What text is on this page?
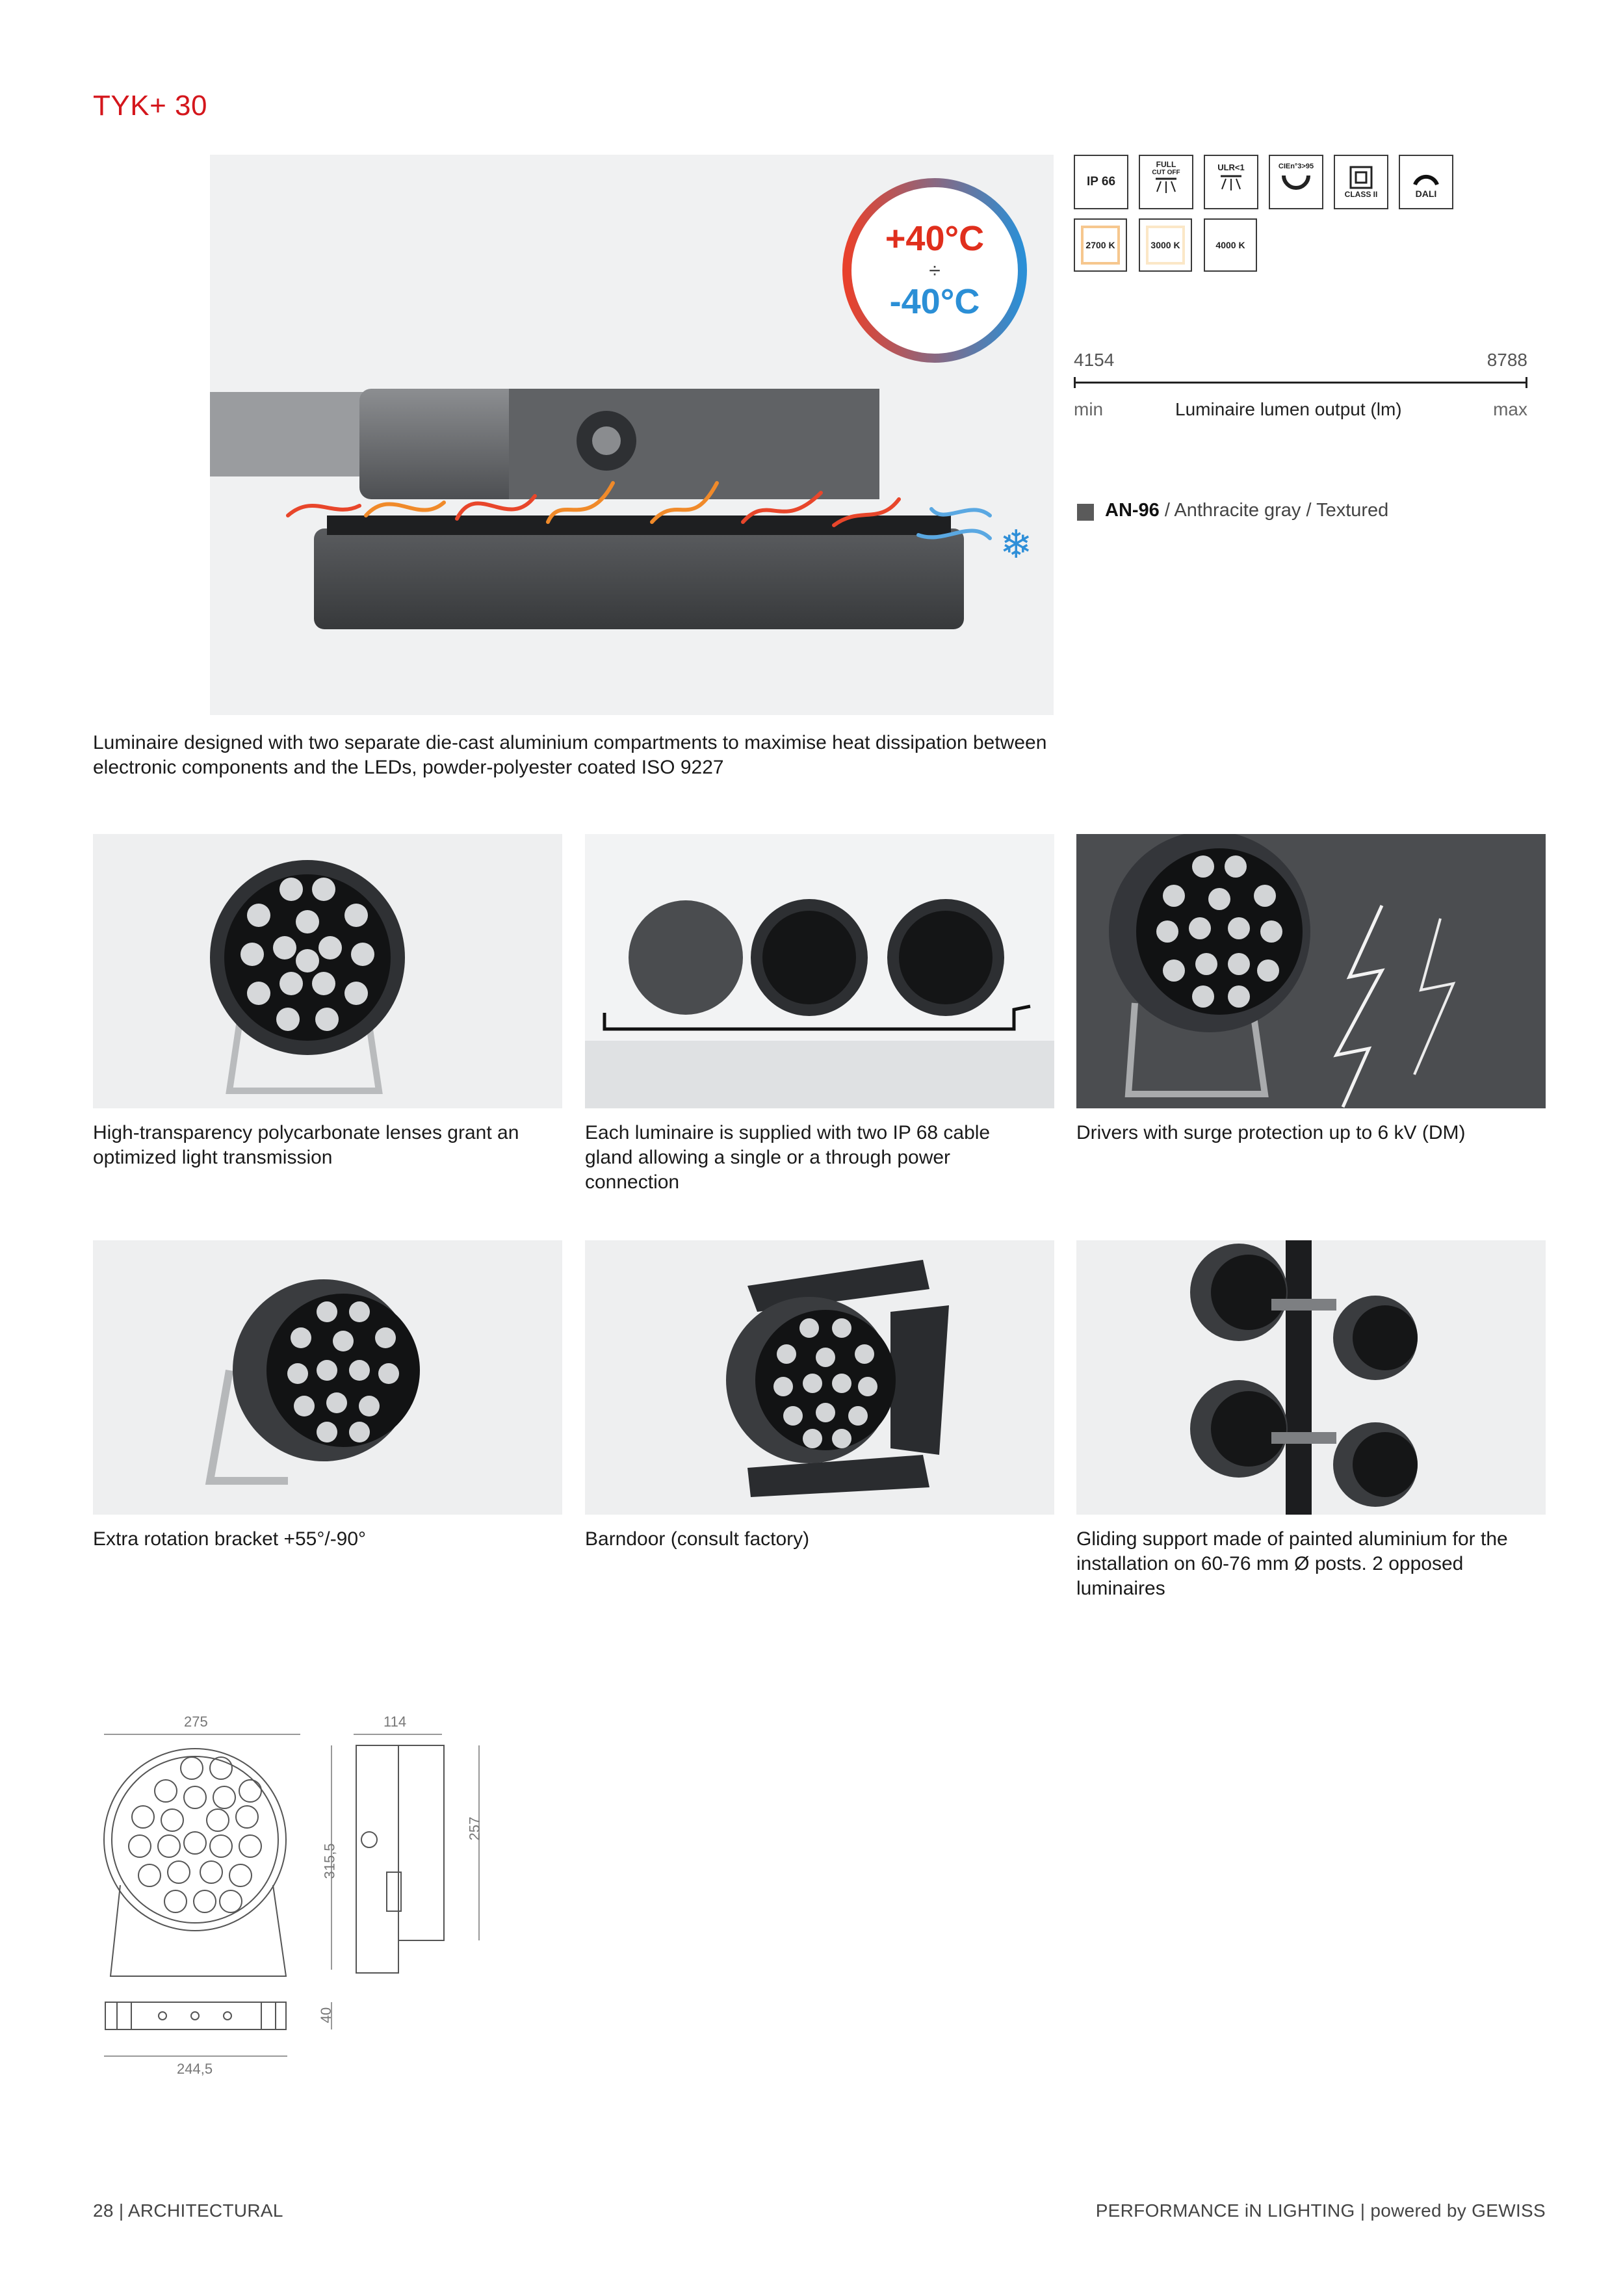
TYK+ 30
❄
+40°C
÷
-40°C
Luminaire designed with two separate die-cast aluminium compartments to maximise heat dissipation between electronic components and the LEDs, powder-polyester coated ISO 9227
IP 66
FULL
CUT OFF
ULR<1	CIEn°3>95
CLASS II	DALI
2700 K	3000 K	4000 K
4154	8788
min	Luminaire lumen output (lm)	max
AN-96 / Anthracite gray / Textured
High-transparency polycarbonate lenses grant an optimized light transmission
Each luminaire is supplied with two IP 68 cable gland allowing a single or a through power connection
Drivers with surge protection up to 6 kV (DM)
Extra rotation bracket +55°/-90°	Barndoor (consult factory)	Gliding support made of painted aluminium for the installation on 60-76 mm Ø posts. 2 opposed luminaires
275	114
315,5
257
40
244,5
28 | ARCHITECTURAL	PERFORMANCE iN LIGHTING | powered by GEWISS
